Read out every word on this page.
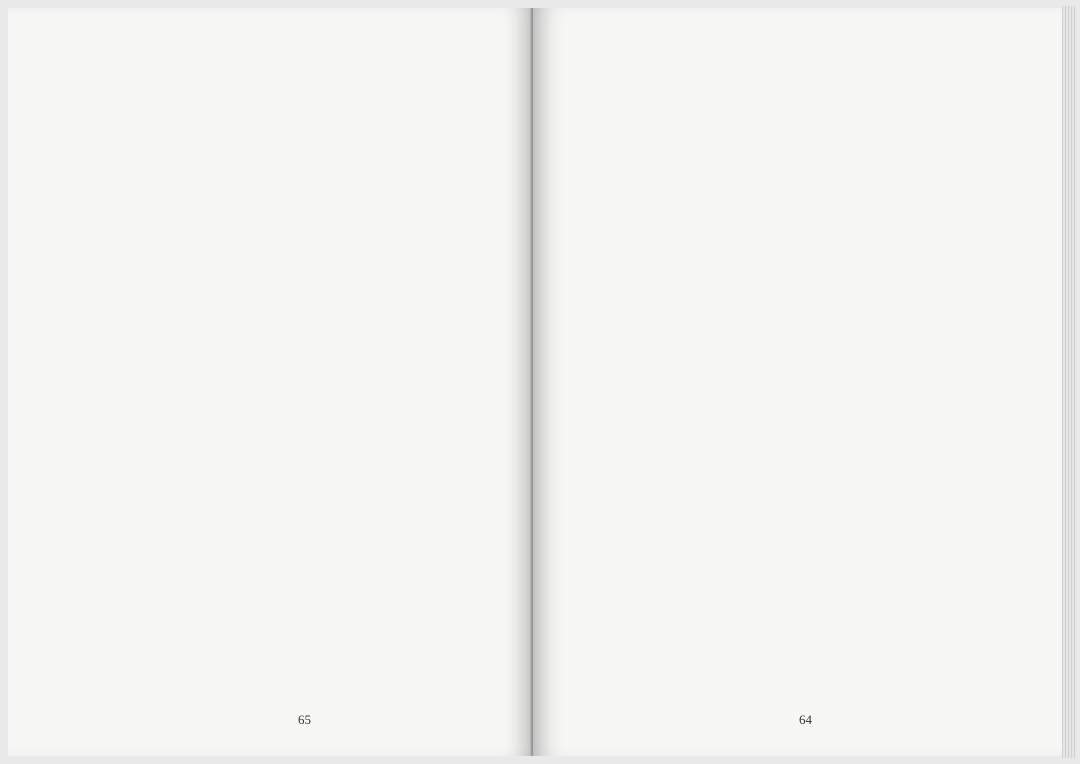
65	64
